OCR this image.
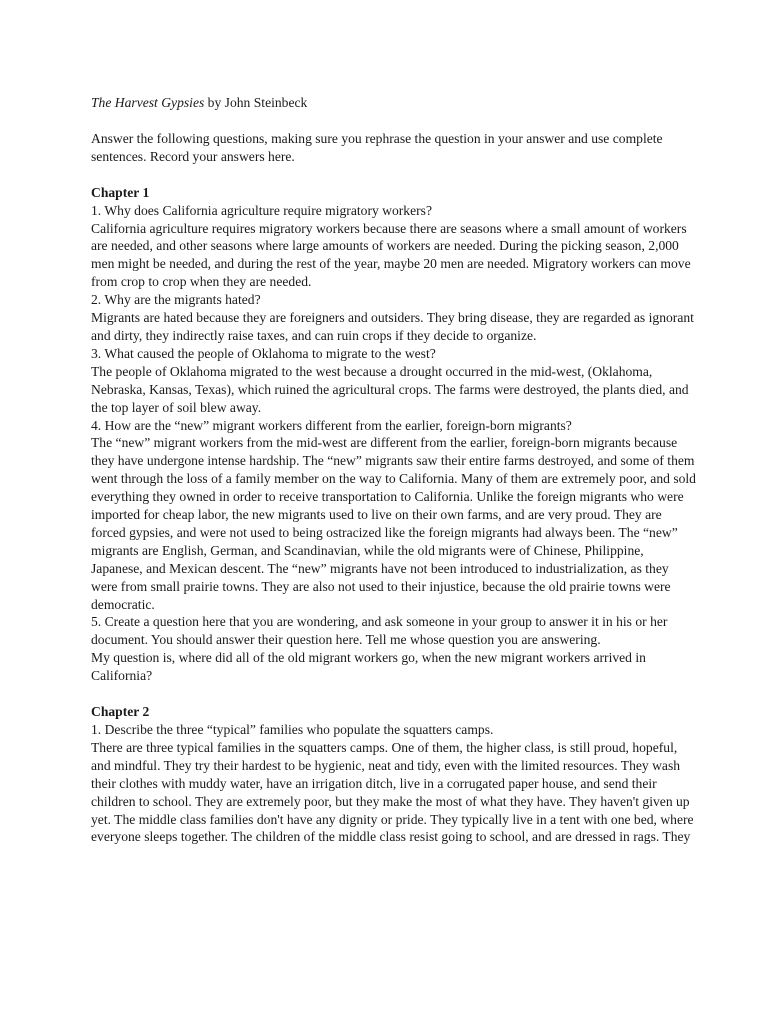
The Harvest Gypsies by John Steinbeck

Answer the following questions, making sure you rephrase the question in your answer and use complete sentences. Record your answers here.

Chapter 1

1. Why does California agriculture require migratory workers?

California agriculture requires migratory workers because there are seasons where a small amount of workers are needed, and other seasons where large amounts of workers are needed. During the picking season, 2,000 men might be needed, and during the rest of the year, maybe 20 men are needed. Migratory workers can move from crop to crop when they are needed.

2. Why are the migrants hated?

Migrants are hated because they are foreigners and outsiders. They bring disease, they are regarded as ignorant and dirty, they indirectly raise taxes, and can ruin crops if they decide to organize.

3. What caused the people of Oklahoma to migrate to the west?

The people of Oklahoma migrated to the west because a drought occurred in the mid-west, (Oklahoma, Nebraska, Kansas, Texas), which ruined the agricultural crops. The farms were destroyed, the plants died, and the top layer of soil blew away.

4. How are the “new” migrant workers different from the earlier, foreign-born migrants?

The “new” migrant workers from the mid-west are different from the earlier, foreign-born migrants because they have undergone intense hardship. The “new” migrants saw their entire farms destroyed, and some of them went through the loss of a family member on the way to California. Many of them are extremely poor, and sold everything they owned in order to receive transportation to California. Unlike the foreign migrants who were imported for cheap labor, the new migrants used to live on their own farms, and are very proud. They are forced gypsies, and were not used to being ostracized like the foreign migrants had always been. The “new” migrants are English, German, and Scandinavian, while the old migrants were of Chinese, Philippine, Japanese, and Mexican descent. The “new” migrants have not been introduced to industrialization, as they were from small prairie towns. They are also not used to their injustice, because the old prairie towns were democratic.

5. Create a question here that you are wondering, and ask someone in your group to answer it in his or her document. You should answer their question here. Tell me whose question you are answering.

My question is, where did all of the old migrant workers go, when the new migrant workers arrived in California?

Chapter 2

1. Describe the three “typical” families who populate the squatters camps.

There are three typical families in the squatters camps. One of them, the higher class, is still proud, hopeful, and mindful. They try their hardest to be hygienic, neat and tidy, even with the limited resources. They wash their clothes with muddy water, have an irrigation ditch, live in a corrugated paper house, and send their children to school. They are extremely poor, but they make the most of what they have. They haven't given up yet. The middle class families don't have any dignity or pride. They typically live in a tent with one bed, where everyone sleeps together. The children of the middle class resist going to school, and are dressed in rags. They
